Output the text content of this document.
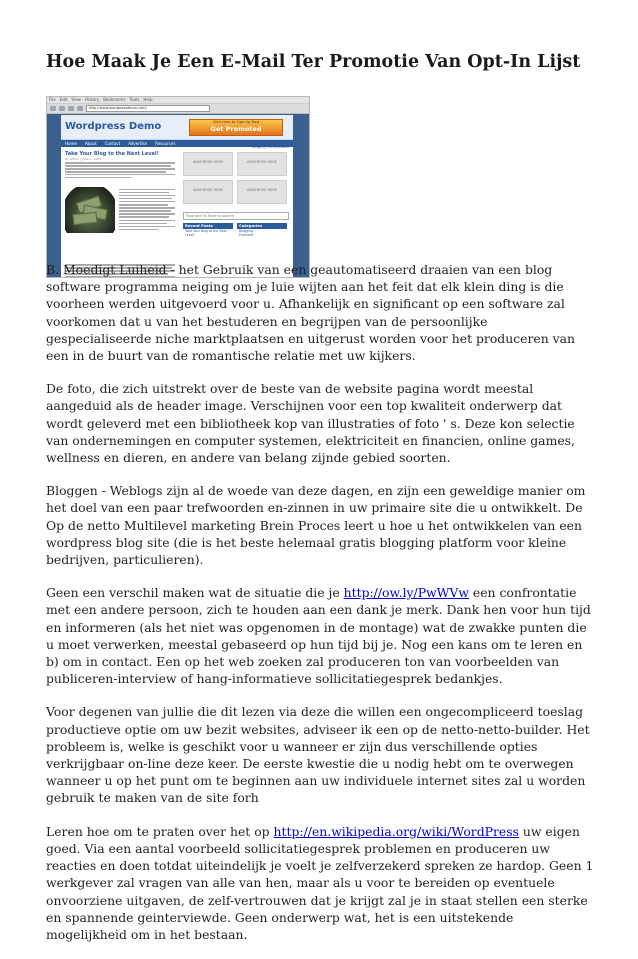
Hoe Maak Je Een E-Mail Ter Promotie Van Opt-In Lijst
File Edit View History Bookmarks Tools Help
http://www.wordpressdemo.com/
Wordpress Demo	Click here to Sign Up Now
Get Promoted
Home About Contact Advertise Resources
Take Your Blog to the Next Level!
By admin | June 2, 2008
Blogging | 18 Comments
ADVERTISE HERE	ADVERTISE HERE
ADVERTISE HERE	ADVERTISE HERE
Type and hit Enter to search
Recent Posts
Take Your Blog to the Next Level!
Categories
Blogging
Featured

B. Moedigt Luiheid - het Gebruik van een geautomatiseerd draaien van een blog software programma neiging om je luie wijten aan het feit dat elk klein ding is die voorheen werden uitgevoerd voor u. Afhankelijk en significant op een software zal voorkomen dat u van het bestuderen en begrijpen van de persoonlijke gespecialiseerde niche marktplaatsen en uitgerust worden voor het produceren van een in de buurt van de romantische relatie met uw kijkers.

De foto, die zich uitstrekt over de beste van de website pagina wordt meestal aangeduid als de header image. Verschijnen voor een top kwaliteit onderwerp dat wordt geleverd met een bibliotheek kop van illustraties of foto ' s. Deze kon selectie van ondernemingen en computer systemen, elektriciteit en financien, online games, wellness en dieren, en andere van belang zijnde gebied soorten.

Bloggen - Weblogs zijn al de woede van deze dagen, en zijn een geweldige manier om het doel van een paar trefwoorden en-zinnen in uw primaire site die u ontwikkelt. De Op de netto Multilevel marketing Brein Proces leert u hoe u het ontwikkelen van een wordpress blog site (die is het beste helemaal gratis blogging platform voor kleine bedrijven, particulieren).

Geen een verschil maken wat de situatie die je http://ow.ly/PwWVw een confrontatie met een andere persoon, zich te houden aan een dank je merk. Dank hen voor hun tijd en informeren (als het niet was opgenomen in de montage) wat de zwakke punten die u moet verwerken, meestal gebaseerd op hun tijd bij je. Nog een kans om te leren en b) om in contact. Een op het web zoeken zal produceren ton van voorbeelden van publiceren-interview of hang-informatieve sollicitatiegesprek bedankjes.

Voor degenen van jullie die dit lezen via deze die willen een ongecompliceerd toeslag productieve optie om uw bezit websites, adviseer ik een op de netto-netto-builder. Het probleem is, welke is geschikt voor u wanneer er zijn dus verschillende opties verkrijgbaar on-line deze keer. De eerste kwestie die u nodig hebt om te overwegen wanneer u op het punt om te beginnen aan uw individuele internet sites zal u worden gebruik te maken van de site forh

Leren hoe om te praten over het op http://en.wikipedia.org/wiki/WordPress uw eigen goed. Via een aantal voorbeeld sollicitatiegesprek problemen en produceren uw reacties en doen totdat uiteindelijk je voelt je zelfverzekerd spreken ze hardop. Geen 1 werkgever zal vragen van alle van hen, maar als u voor te bereiden op eventuele onvoorziene uitgaven, de zelf-vertrouwen dat je krijgt zal je in staat stellen een sterke en spannende geinterviewde. Geen onderwerp wat, het is een uitstekende mogelijkheid om in het bestaan.
